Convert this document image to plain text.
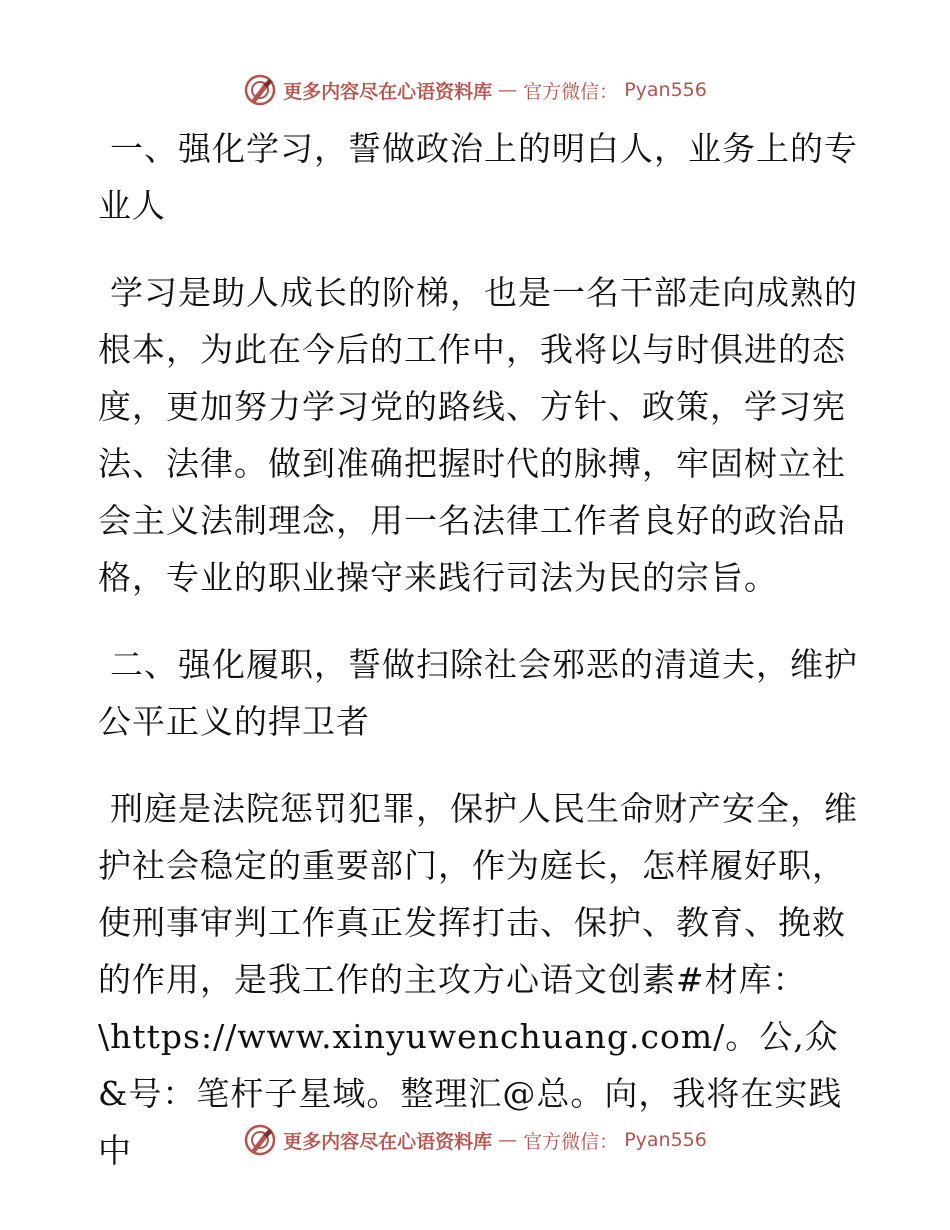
更多内容尽在心语资料库 — 官方微信： Pyan556

一、强化学习，誓做政治上的明白人，业务上的专业人

学习是助人成长的阶梯，也是一名干部走向成熟的根本，为此在今后的工作中，我将以与时俱进的态度，更加努力学习党的路线、方针、政策，学习宪法、法律。做到准确把握时代的脉搏，牢固树立社会主义法制理念，用一名法律工作者良好的政治品格，专业的职业操守来践行司法为民的宗旨。

二、强化履职，誓做扫除社会邪恶的清道夫，维护公平正义的捍卫者

刑庭是法院惩罚犯罪，保护人民生命财产安全，维护社会稳定的重要部门，作为庭长，怎样履好职，使刑事审判工作真正发挥打击、保护、教育、挽救的作用，是我工作的主攻方心语文创素#材库：\https://www.xinyuwenchuang.com/。公,众&号：笔杆子星域。整理汇@总。向，我将在实践中	更多内容尽在心语资料库 — 官方微信： Pyan556
